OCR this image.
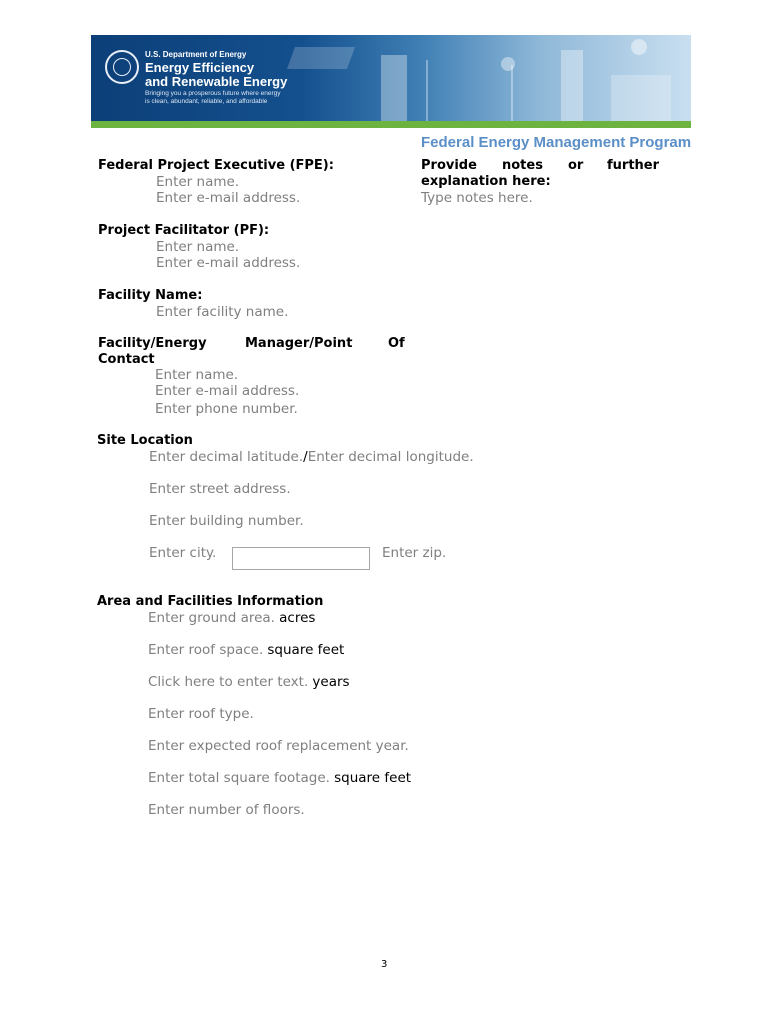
U.S. Department of Energy
Energy Efficiency
and Renewable Energy
Bringing you a prosperous future where energy
is clean, abundant, reliable, and affordable
Federal Energy Management Program
Federal Project Executive (FPE):
Enter name.
Enter e-mail address.
Provide notes or further
explanation here:
Type notes here.
Project Facilitator (PF):
Enter name.
Enter e-mail address.
Facility Name:
Enter facility name.
Facility/Energy	Manager/Point	Of
Contact
Enter name.
Enter e-mail address.
Enter phone number.
Site Location
Enter decimal latitude./Enter decimal longitude.
Enter street address.
Enter building number.
Enter city.	Enter zip.
Area and Facilities Information
Enter ground area. acres
Enter roof space. square feet
Click here to enter text. years
Enter roof type.
Enter expected roof replacement year.
Enter total square footage. square feet
Enter number of floors.
3
